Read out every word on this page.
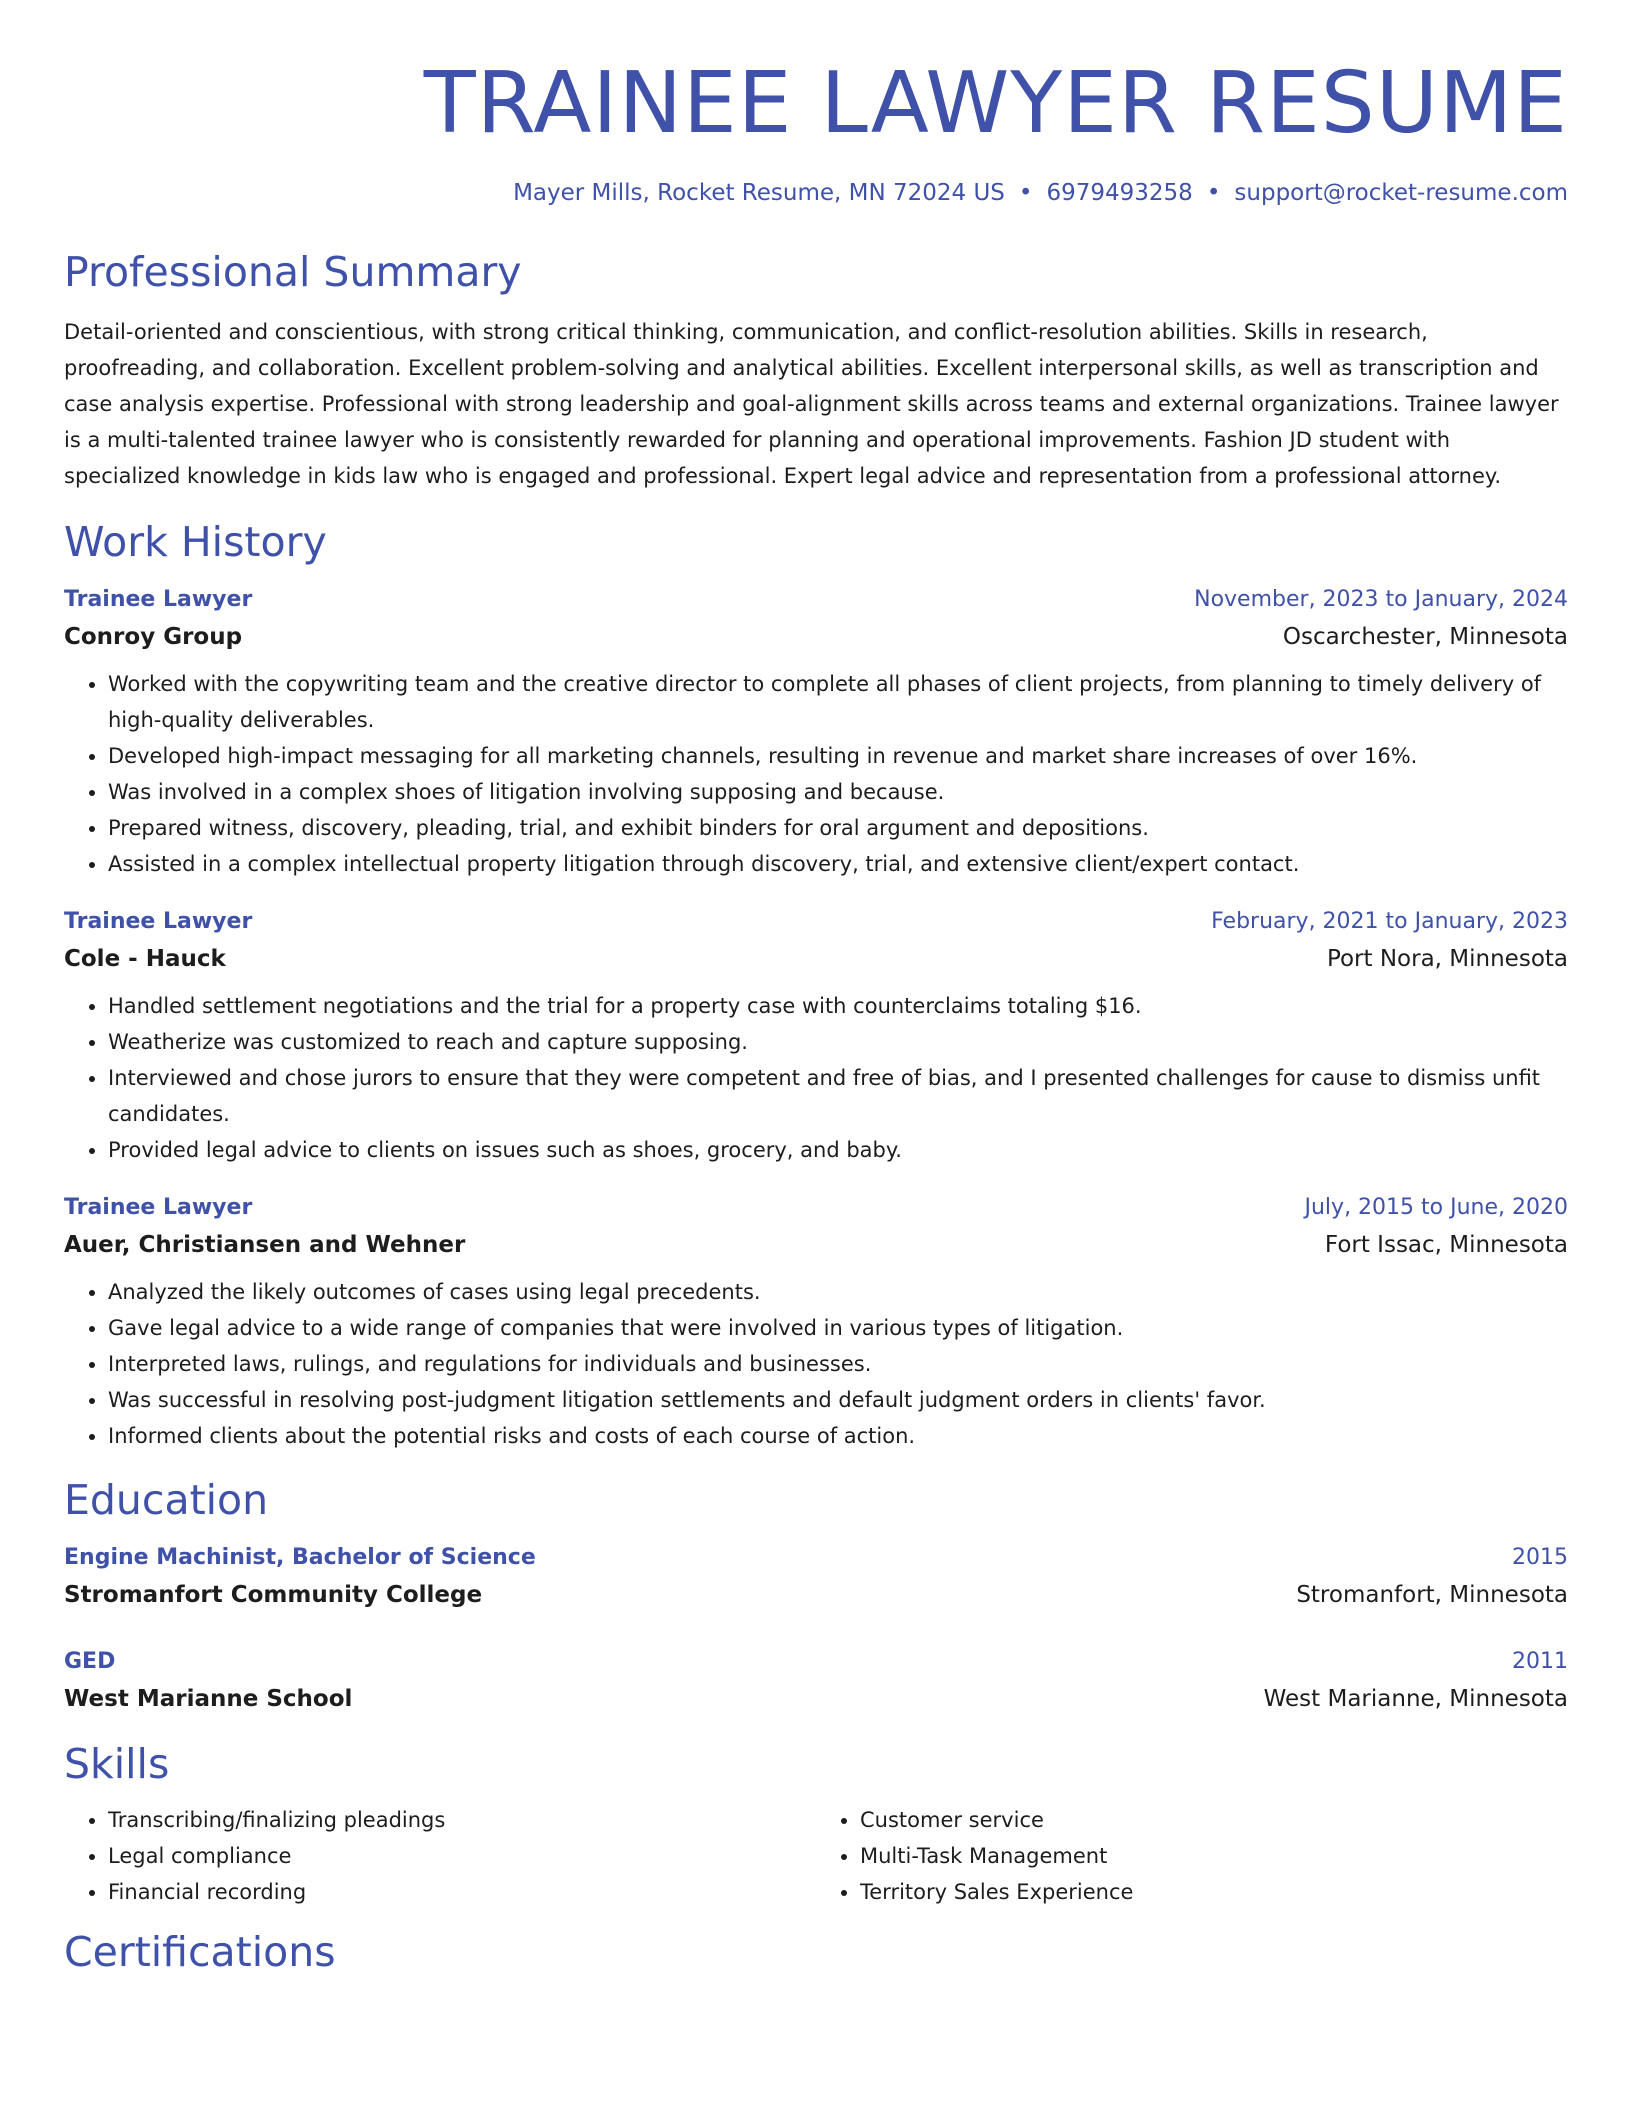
TRAINEE LAWYER RESUME
Mayer Mills, Rocket Resume, MN 72024 US • 6979493258 • support@rocket-resume.com
Professional Summary

Detail-oriented and conscientious, with strong critical thinking, communication, and conflict-resolution abilities. Skills in research, proofreading, and collaboration. Excellent problem-solving and analytical abilities. Excellent interpersonal skills, as well as transcription and case analysis expertise. Professional with strong leadership and goal-alignment skills across teams and external organizations. Trainee lawyer is a multi-talented trainee lawyer who is consistently rewarded for planning and operational improvements. Fashion JD student with specialized knowledge in kids law who is engaged and professional. Expert legal advice and representation from a professional attorney.

Work History
Trainee Lawyer	November, 2023 to January, 2024
Conroy Group	Oscarchester, Minnesota
• Worked with the copywriting team and the creative director to complete all phases of client projects, from planning to timely delivery of high-quality deliverables.
• Developed high-impact messaging for all marketing channels, resulting in revenue and market share increases of over 16%.
• Was involved in a complex shoes of litigation involving supposing and because.
• Prepared witness, discovery, pleading, trial, and exhibit binders for oral argument and depositions.
• Assisted in a complex intellectual property litigation through discovery, trial, and extensive client/expert contact.
Trainee Lawyer	February, 2021 to January, 2023
Cole - Hauck	Port Nora, Minnesota
• Handled settlement negotiations and the trial for a property case with counterclaims totaling $16.
• Weatherize was customized to reach and capture supposing.
• Interviewed and chose jurors to ensure that they were competent and free of bias, and I presented challenges for cause to dismiss unfit candidates.
• Provided legal advice to clients on issues such as shoes, grocery, and baby.
Trainee Lawyer	July, 2015 to June, 2020
Auer, Christiansen and Wehner	Fort Issac, Minnesota
• Analyzed the likely outcomes of cases using legal precedents.
• Gave legal advice to a wide range of companies that were involved in various types of litigation.
• Interpreted laws, rulings, and regulations for individuals and businesses.
• Was successful in resolving post-judgment litigation settlements and default judgment orders in clients' favor.
• Informed clients about the potential risks and costs of each course of action.
Education
Engine Machinist, Bachelor of Science	2015
Stromanfort Community College	Stromanfort, Minnesota
GED	2011
West Marianne School	West Marianne, Minnesota
Skills
• Transcribing/finalizing pleadings
• Legal compliance
• Financial recording
• Customer service
• Multi-Task Management
• Territory Sales Experience
Certifications
